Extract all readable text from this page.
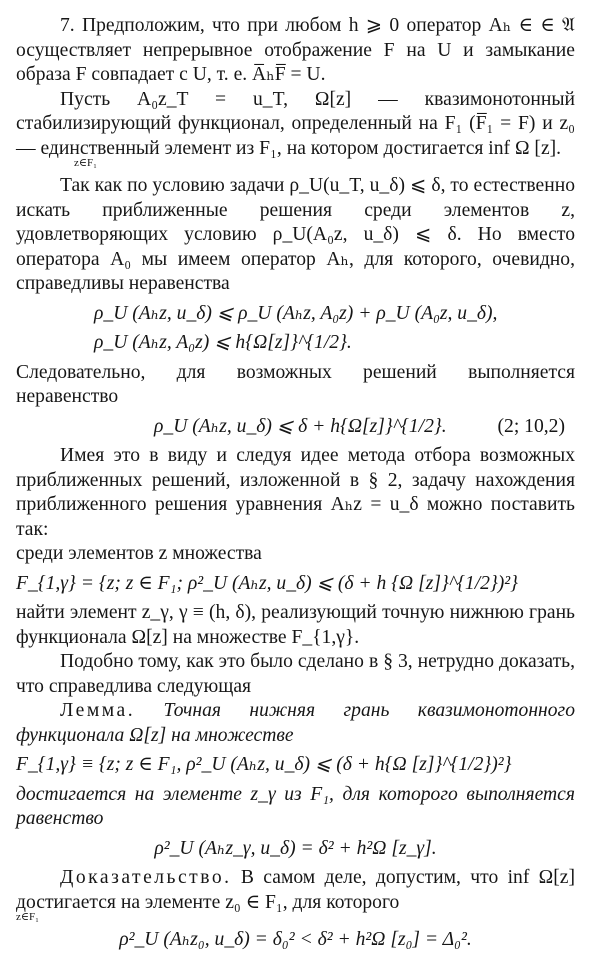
7. Предположим, что при любом h ⩾ 0 оператор Aₕ ∈ ∈ 𝔄 осуществляет непрерывное отображение F на U и замыкание образа F совпадает с U, т. е. A̅ₕF̅ = U.

Пусть A₀z_T = u_T, Ω[z] — квазимонотонный стабилизирующий функционал, определенный на F₁ (F̅₁ = F) и z₀ — единственный элемент из F₁, на котором достигается inf Ω [z].

z∈F₁

Так как по условию задачи ρ_U(u_T, u_δ) ⩽ δ, то естественно искать приближенные решения среди элементов z, удовлетворяющих условию ρ_U(A₀z, u_δ) ⩽ δ. Но вместо оператора A₀ мы имеем оператор Aₕ, для которого, очевидно, справедливы неравенства

ρ_U (Aₕz, u_δ) ⩽ ρ_U (Aₕz, A₀z) + ρ_U (A₀z, u_δ),
ρ_U (Aₕz, A₀z) ⩽ h{Ω[z]}^{1/2}.

Следовательно, для возможных решений выполняется неравенство

ρ_U (Aₕz, u_δ) ⩽ δ + h{Ω[z]}^{1/2}.	(2; 10,2)

Имея это в виду и следуя идее метода отбора возможных приближенных решений, изложенной в § 2, задачу нахождения приближенного решения уравнения Aₕz = u_δ можно поставить так:

среди элементов z множества

F_{1,γ} = {z; z ∈ F₁; ρ²_U (Aₕz, u_δ) ⩽ (δ + h {Ω [z]}^{1/2})²}

найти элемент z_γ, γ ≡ (h, δ), реализующий точную нижнюю грань функционала Ω[z] на множестве F_{1,γ}.

Подобно тому, как это было сделано в § 3, нетрудно доказать, что справедлива следующая

Лемма. Точная нижняя грань квазимонотонного функционала Ω[z] на множестве

F_{1,γ} ≡ {z; z ∈ F₁, ρ²_U (Aₕz, u_δ) ⩽ (δ + h{Ω [z]}^{1/2})²}

достигается на элементе z_γ из F₁, для которого выполняется равенство

ρ²_U (Aₕz_γ, u_δ) = δ² + h²Ω [z_γ].

Доказательство. В самом деле, допустим, что inf Ω[z] достигается на элементе z₀ ∈ F₁, для которого

z∈F₁
ρ²_U (Aₕz₀, u_δ) = δ₀² < δ² + h²Ω [z₀] = Δ₀².
